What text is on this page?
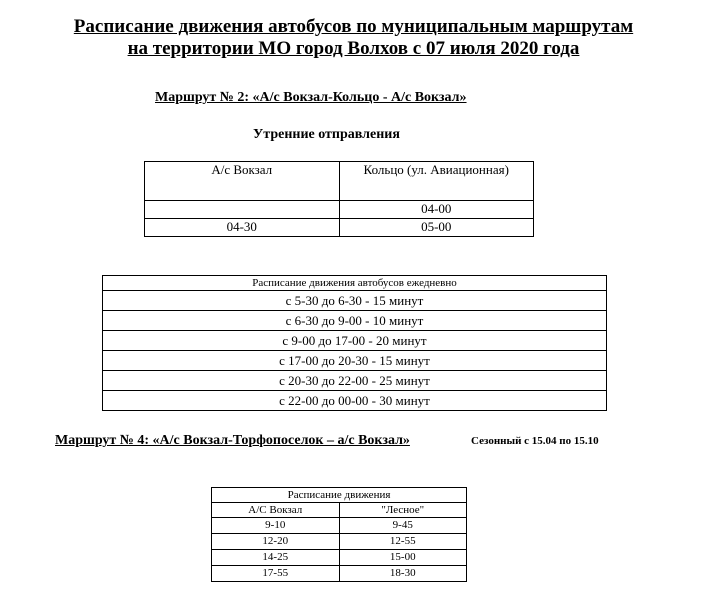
Расписание движения автобусов по муниципальным маршрутам
на территории МО город Волхов с 07 июля 2020 года
Маршрут № 2: «А/с Вокзал-Кольцо - А/с Вокзал»
Утренние отправления
А/с Вокзал	Кольцо (ул. Авиационная)
	04-00
04-30	05-00
Расписание движения автобусов ежедневно
с 5-30 до 6-30 - 15 минут
с 6-30 до 9-00 - 10 минут
с 9-00 до 17-00 - 20 минут
с 17-00 до 20-30 - 15 минут
с 20-30 до 22-00 - 25 минут
с 22-00 до 00-00 - 30 минут
Маршрут № 4: «А/с Вокзал-Торфопоселок – а/с Вокзал»	Сезонный с 15.04 по 15.10
Расписание движения	
А/С Вокзал	"Лесное"
9-10	9-45
12-20	12-55
14-25	15-00
17-55	18-30
